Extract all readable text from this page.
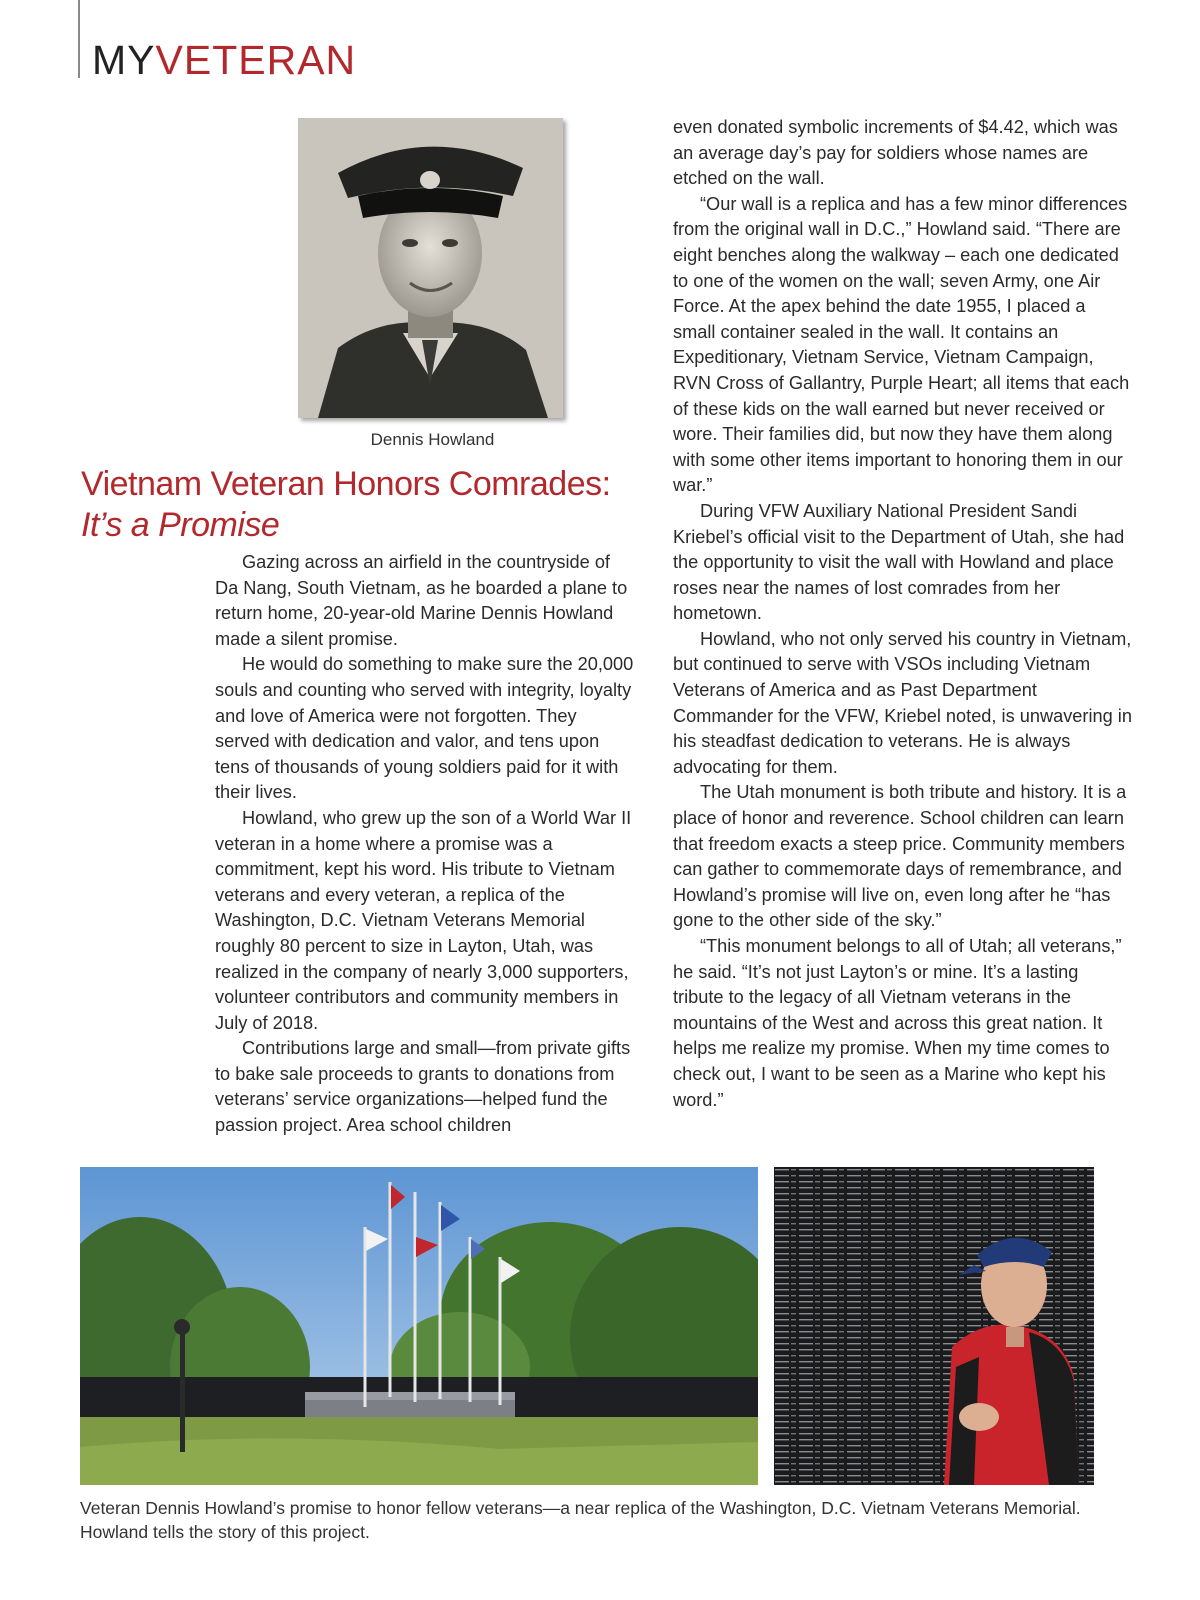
MYVETERAN
Dennis Howland
Vietnam Veteran Honors Comrades:
It’s a Promise

Gazing across an airfield in the countryside of Da Nang, South Vietnam, as he boarded a plane to return home, 20-year-old Marine Dennis Howland made a silent promise.

He would do something to make sure the 20,000 souls and counting who served with integrity, loyalty and love of America were not forgotten. They served with dedication and valor, and tens upon tens of thousands of young soldiers paid for it with their lives.

Howland, who grew up the son of a World War II veteran in a home where a promise was a commitment, kept his word. His tribute to Vietnam veterans and every veteran, a replica of the Washington, D.C. Vietnam Veterans Memorial roughly 80 percent to size in Layton, Utah, was realized in the company of nearly 3,000 supporters, volunteer contributors and community members in July of 2018.

Contributions large and small—from private gifts to bake sale proceeds to grants to donations from veterans’ service organizations—helped fund the passion project. Area school children

even donated symbolic increments of $4.42, which was an average day’s pay for soldiers whose names are etched on the wall.

“Our wall is a replica and has a few minor differences from the original wall in D.C.,” Howland said. “There are eight benches along the walkway – each one dedicated to one of the women on the wall; seven Army, one Air Force. At the apex behind the date 1955, I placed a small container sealed in the wall. It contains an Expeditionary, Vietnam Service, Vietnam Campaign, RVN Cross of Gallantry, Purple Heart; all items that each of these kids on the wall earned but never received or wore. Their families did, but now they have them along with some other items important to honoring them in our war.”

During VFW Auxiliary National President Sandi Kriebel’s official visit to the Department of Utah, she had the opportunity to visit the wall with Howland and place roses near the names of lost comrades from her hometown.

Howland, who not only served his country in Vietnam, but continued to serve with VSOs including Vietnam Veterans of America and as Past Department Commander for the VFW, Kriebel noted, is unwavering in his steadfast dedication to veterans. He is always advocating for them.

The Utah monument is both tribute and history. It is a place of honor and reverence. School children can learn that freedom exacts a steep price. Community members can gather to commemorate days of remembrance, and Howland’s promise will live on, even long after he “has gone to the other side of the sky.”

“This monument belongs to all of Utah; all veterans,” he said. “It’s not just Layton’s or mine. It’s a lasting tribute to the legacy of all Vietnam veterans in the mountains of the West and across this great nation. It helps me realize my promise. When my time comes to check out, I want to be seen as a Marine who kept his word.”

Veteran Dennis Howland’s promise to honor fellow veterans—a near replica of the Washington, D.C. Vietnam Veterans Memorial. Howland tells the story of this project.
